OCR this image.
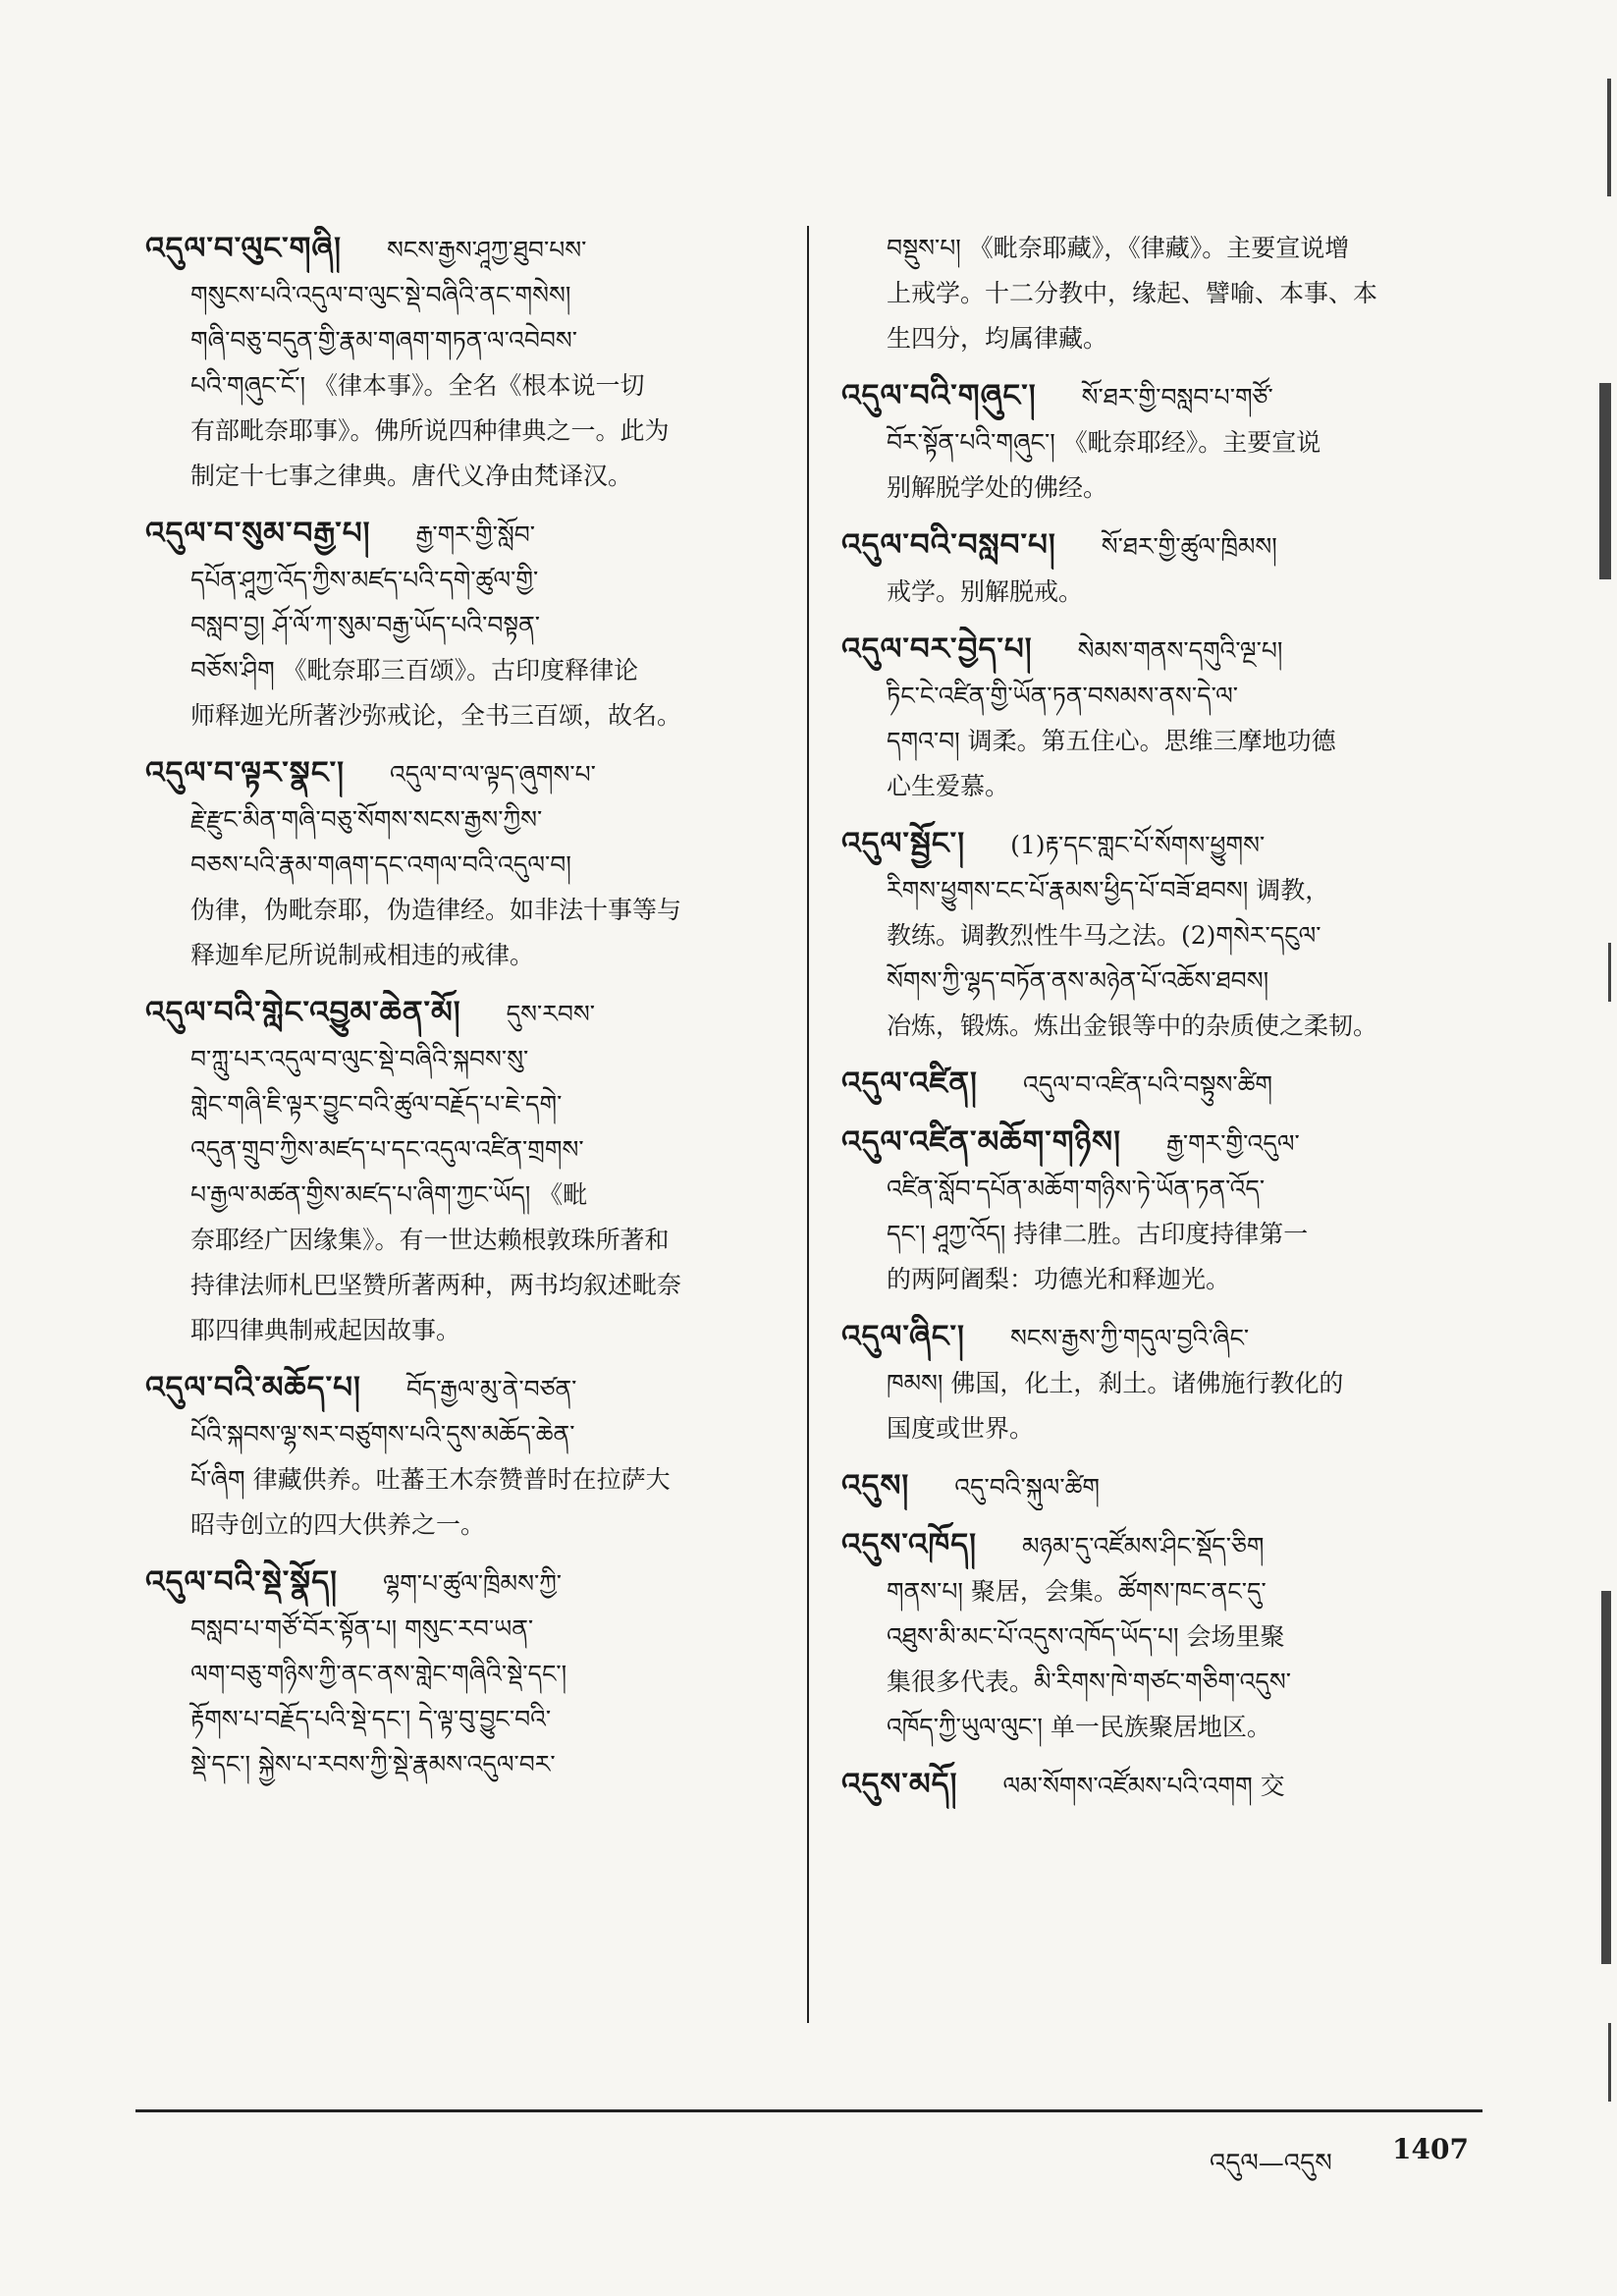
འདུལ་བ་ལུང་གཞི། སངས་རྒྱས་ཤཱཀྱ་ཐུབ་པས་
གསུངས་པའི་འདུལ་བ་ལུང་སྡེ་བཞིའི་ནང་གསེས།
གཞི་བཅུ་བདུན་གྱི་རྣམ་གཞག་གཏན་ལ་འབེབས་
པའི་གཞུང་ངོ་། 《律本事》。全名《根本说一切
有部毗奈耶事》。佛所说四种律典之一。此为
制定十七事之律典。唐代义净由梵译汉。
འདུལ་བ་སུམ་བརྒྱ་པ། རྒྱ་གར་གྱི་སློབ་
དཔོན་ཤཱཀྱ་འོད་ཀྱིས་མཛད་པའི་དགེ་ཚུལ་གྱི་
བསླབ་བྱ། ཤོ་ལོ་ཀ་སུམ་བརྒྱ་ཡོད་པའི་བསྟན་
བཅོས་ཤིག 《毗奈耶三百颂》。古印度释律论
师释迦光所著沙弥戒论，全书三百颂，故名。
འདུལ་བ་ལྟར་སྣང་། འདུལ་བ་ལ་ལྟད་ཞུགས་པ་
རྗེ་རྫུང་མིན་གཞི་བཅུ་སོགས་སངས་རྒྱས་ཀྱིས་
བཅས་པའི་རྣམ་གཞག་དང་འགལ་བའི་འདུལ་བ།
伪律，伪毗奈耶，伪造律经。如非法十事等与
释迦牟尼所说制戒相违的戒律。
འདུལ་བའི་གླེང་འབྱུམ་ཆེན་མོ། དུས་རབས་
བ་ཀླུ་པར་འདུལ་བ་ལུང་སྡེ་བཞིའི་སྐབས་སུ་
གླེང་གཞི་ཇི་ལྟར་བྱུང་བའི་ཚུལ་བརྗོད་པ་ཇེ་དགེ་
འདུན་གྲུབ་ཀྱིས་མཛད་པ་དང་འདུལ་འཛིན་གྲགས་
པ་རྒྱལ་མཚན་གྱིས་མཛད་པ་ཞིག་ཀྱང་ཡོད། 《毗
奈耶经广因缘集》。有一世达赖根敦珠所著和
持律法师札巴坚赞所著两种，两书均叙述毗奈
耶四律典制戒起因故事。
འདུལ་བའི་མཆོད་པ། བོད་རྒྱལ་མུ་ནེ་བཙན་
པོའི་སྐབས་ལྷ་སར་བཙུགས་པའི་དུས་མཆོད་ཆེན་
པོ་ཞིག 律藏供养。吐蕃王木奈赞普时在拉萨大
昭寺创立的四大供养之一。
འདུལ་བའི་སྡེ་སྣོད། ལྷག་པ་ཚུལ་ཁྲིམས་ཀྱི་
བསླབ་པ་གཙོ་བོར་སྟོན་པ། གསུང་རབ་ཡན་
ལག་བཅུ་གཉིས་ཀྱི་ནང་ནས་གླེང་གཞིའི་སྡེ་དང་།
རྟོགས་པ་བརྗོད་པའི་སྡེ་དང་། དེ་ལྟ་བུ་བྱུང་བའི་
སྡེ་དང་། སྐྱེས་པ་རབས་ཀྱི་སྡེ་རྣམས་འདུལ་བར་
བསྡུས་པ། 《毗奈耶藏》，《律藏》。主要宣说增
上戒学。十二分教中，缘起、譬喻、本事、本
生四分，均属律藏。
འདུལ་བའི་གཞུང་། སོ་ཐར་གྱི་བསླབ་པ་གཙོ་
བོར་སྟོན་པའི་གཞུང་། 《毗奈耶经》。主要宣说
别解脱学处的佛经。
འདུལ་བའི་བསླབ་པ། སོ་ཐར་གྱི་ཚུལ་ཁྲིམས།
戒学。别解脱戒。
འདུལ་བར་བྱེད་པ། སེམས་གནས་དགུའི་ལྔ་པ།
ཏིང་ངེ་འཛིན་གྱི་ཡོན་ཏན་བསམས་ནས་དེ་ལ་
དགའ་བ། 调柔。第五住心。思维三摩地功德
心生爱慕。
འདུལ་སྦྱོང་། (1)རྟ་དང་གླང་པོ་སོགས་ཕྱུགས་
རིགས་ཕྱུགས་ངང་པོ་རྣམས་ཕྱིད་པོ་བཟོ་ཐབས། 调教，
教练。调教烈性牛马之法。(2)གསེར་དངུལ་
སོགས་ཀྱི་ལྷད་བཏོན་ནས་མཉེན་པོ་འཆོས་ཐབས།
冶炼，锻炼。炼出金银等中的杂质使之柔韧。
འདུལ་འཛིན། འདུལ་བ་འཛིན་པའི་བསྟུས་ཚིག
འདུལ་འཛིན་མཆོག་གཉིས། རྒྱ་གར་གྱི་འདུལ་
འཛིན་སློབ་དཔོན་མཆོག་གཉིས་ཏེ་ཡོན་ཏན་འོད་
དང་། ཤཱཀྱ་འོད། 持律二胜。古印度持律第一
的两阿阇梨：功德光和释迦光。
འདུལ་ཞིང་། སངས་རྒྱས་ཀྱི་གདུལ་བྱའི་ཞིང་
ཁམས། 佛国，化土，刹土。诸佛施行教化的
国度或世界。
འདུས། འདུ་བའི་སྐུལ་ཚིག
འདུས་འཁོད། མཉམ་དུ་འཛོམས་ཤིང་སྡོད་ཅིག
གནས་པ། 聚居，会集。ཚོགས་ཁང་ནང་དུ་
འཐུས་མི་མང་པོ་འདུས་འཁོད་ཡོད་པ། 会场里聚
集很多代表。མི་རིགས་ཁེ་གཙང་གཅིག་འདུས་
འཁོད་ཀྱི་ཡུལ་ལུང་། 单一民族聚居地区。
འདུས་མདོ། ལམ་སོགས་འཛོམས་པའི་འགག 交
འདུལ—འདུས 1407
